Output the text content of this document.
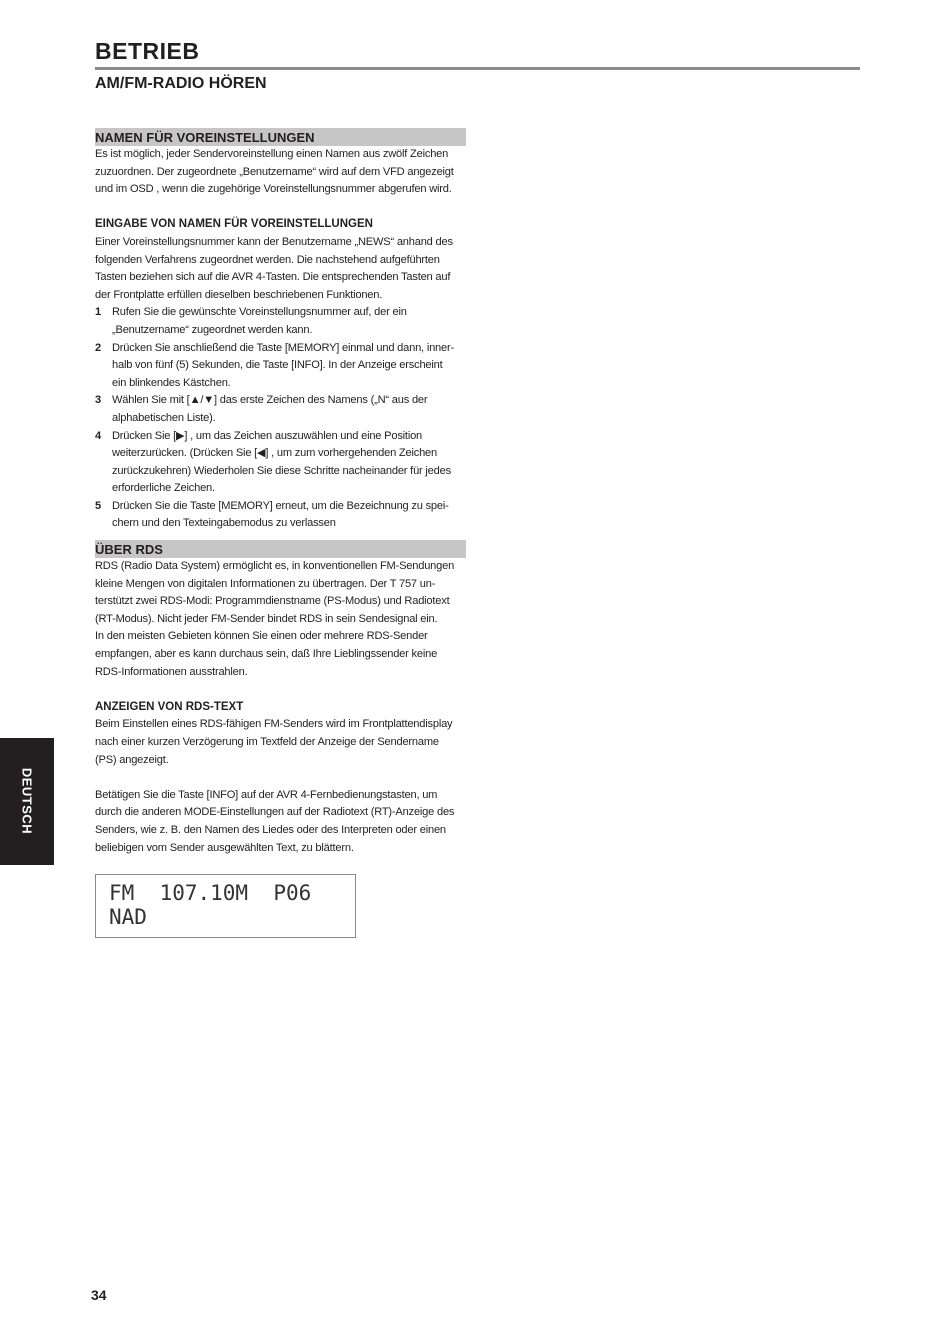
BETRIEB
AM/FM-RADIO HÖREN
NAMEN FÜR VOREINSTELLUNGEN

Es ist möglich, jeder Sendervoreinstellung einen Namen aus zwölf Zeichen
zuzuordnen. Der zugeordnete „Benutzername“ wird auf dem VFD angezeigt
und im OSD , wenn die zugehörige Voreinstellungsnummer abgerufen wird.

EINGABE VON NAMEN FÜR VOREINSTELLUNGEN

Einer Voreinstellungsnummer kann der Benutzername „NEWS“ anhand des
folgenden Verfahrens zugeordnet werden. Die nachstehend aufgeführten
Tasten beziehen sich auf die AVR 4-Tasten. Die entsprechenden Tasten auf
der Frontplatte erfüllen dieselben beschriebenen Funktionen.

1 Rufen Sie die gewünschte Voreinstellungsnummer auf, der ein
„Benutzername“ zugeordnet werden kann.

2 Drücken Sie anschließend die Taste [MEMORY] einmal und dann, inner-
halb von fünf (5) Sekunden, die Taste [INFO]. In der Anzeige erscheint
ein blinkendes Kästchen.

3 Wählen Sie mit [▲/▼] das erste Zeichen des Namens („N“ aus der
alphabetischen Liste).

4 Drücken Sie [▶] , um das Zeichen auszuwählen und eine Position
weiterzurücken. (Drücken Sie [◀] , um zum vorhergehenden Zeichen
zurückzukehren) Wiederholen Sie diese Schritte nacheinander für jedes
erforderliche Zeichen.

5 Drücken Sie die Taste [MEMORY] erneut, um die Bezeichnung zu spei-
chern und den Texteingabemodus zu verlassen

ÜBER RDS

RDS (Radio Data System) ermöglicht es, in konventionellen FM-Sendungen
kleine Mengen von digitalen Informationen zu übertragen. Der T 757 un-
terstützt zwei RDS-Modi: Programmdienstname (PS-Modus) und Radiotext
(RT-Modus). Nicht jeder FM-Sender bindet RDS in sein Sendesignal ein.
In den meisten Gebieten können Sie einen oder mehrere RDS-Sender
empfangen, aber es kann durchaus sein, daß Ihre Lieblingssender keine
RDS-Informationen ausstrahlen.

ANZEIGEN VON RDS-TEXT

Beim Einstellen eines RDS-fähigen FM-Senders wird im Frontplattendisplay
nach einer kurzen Verzögerung im Textfeld der Anzeige der Sendername
(PS) angezeigt.

Betätigen Sie die Taste [INFO] auf der AVR 4-Fernbedienungstasten, um
durch die anderen MODE-Einstellungen auf der Radiotext (RT)-Anzeige des
Senders, wie z. B. den Namen des Liedes oder des Interpreten oder einen
beliebigen vom Sender ausgewählten Text, zu blättern.

FM  107.10M  P06
NAD
DEUTSCH
34
